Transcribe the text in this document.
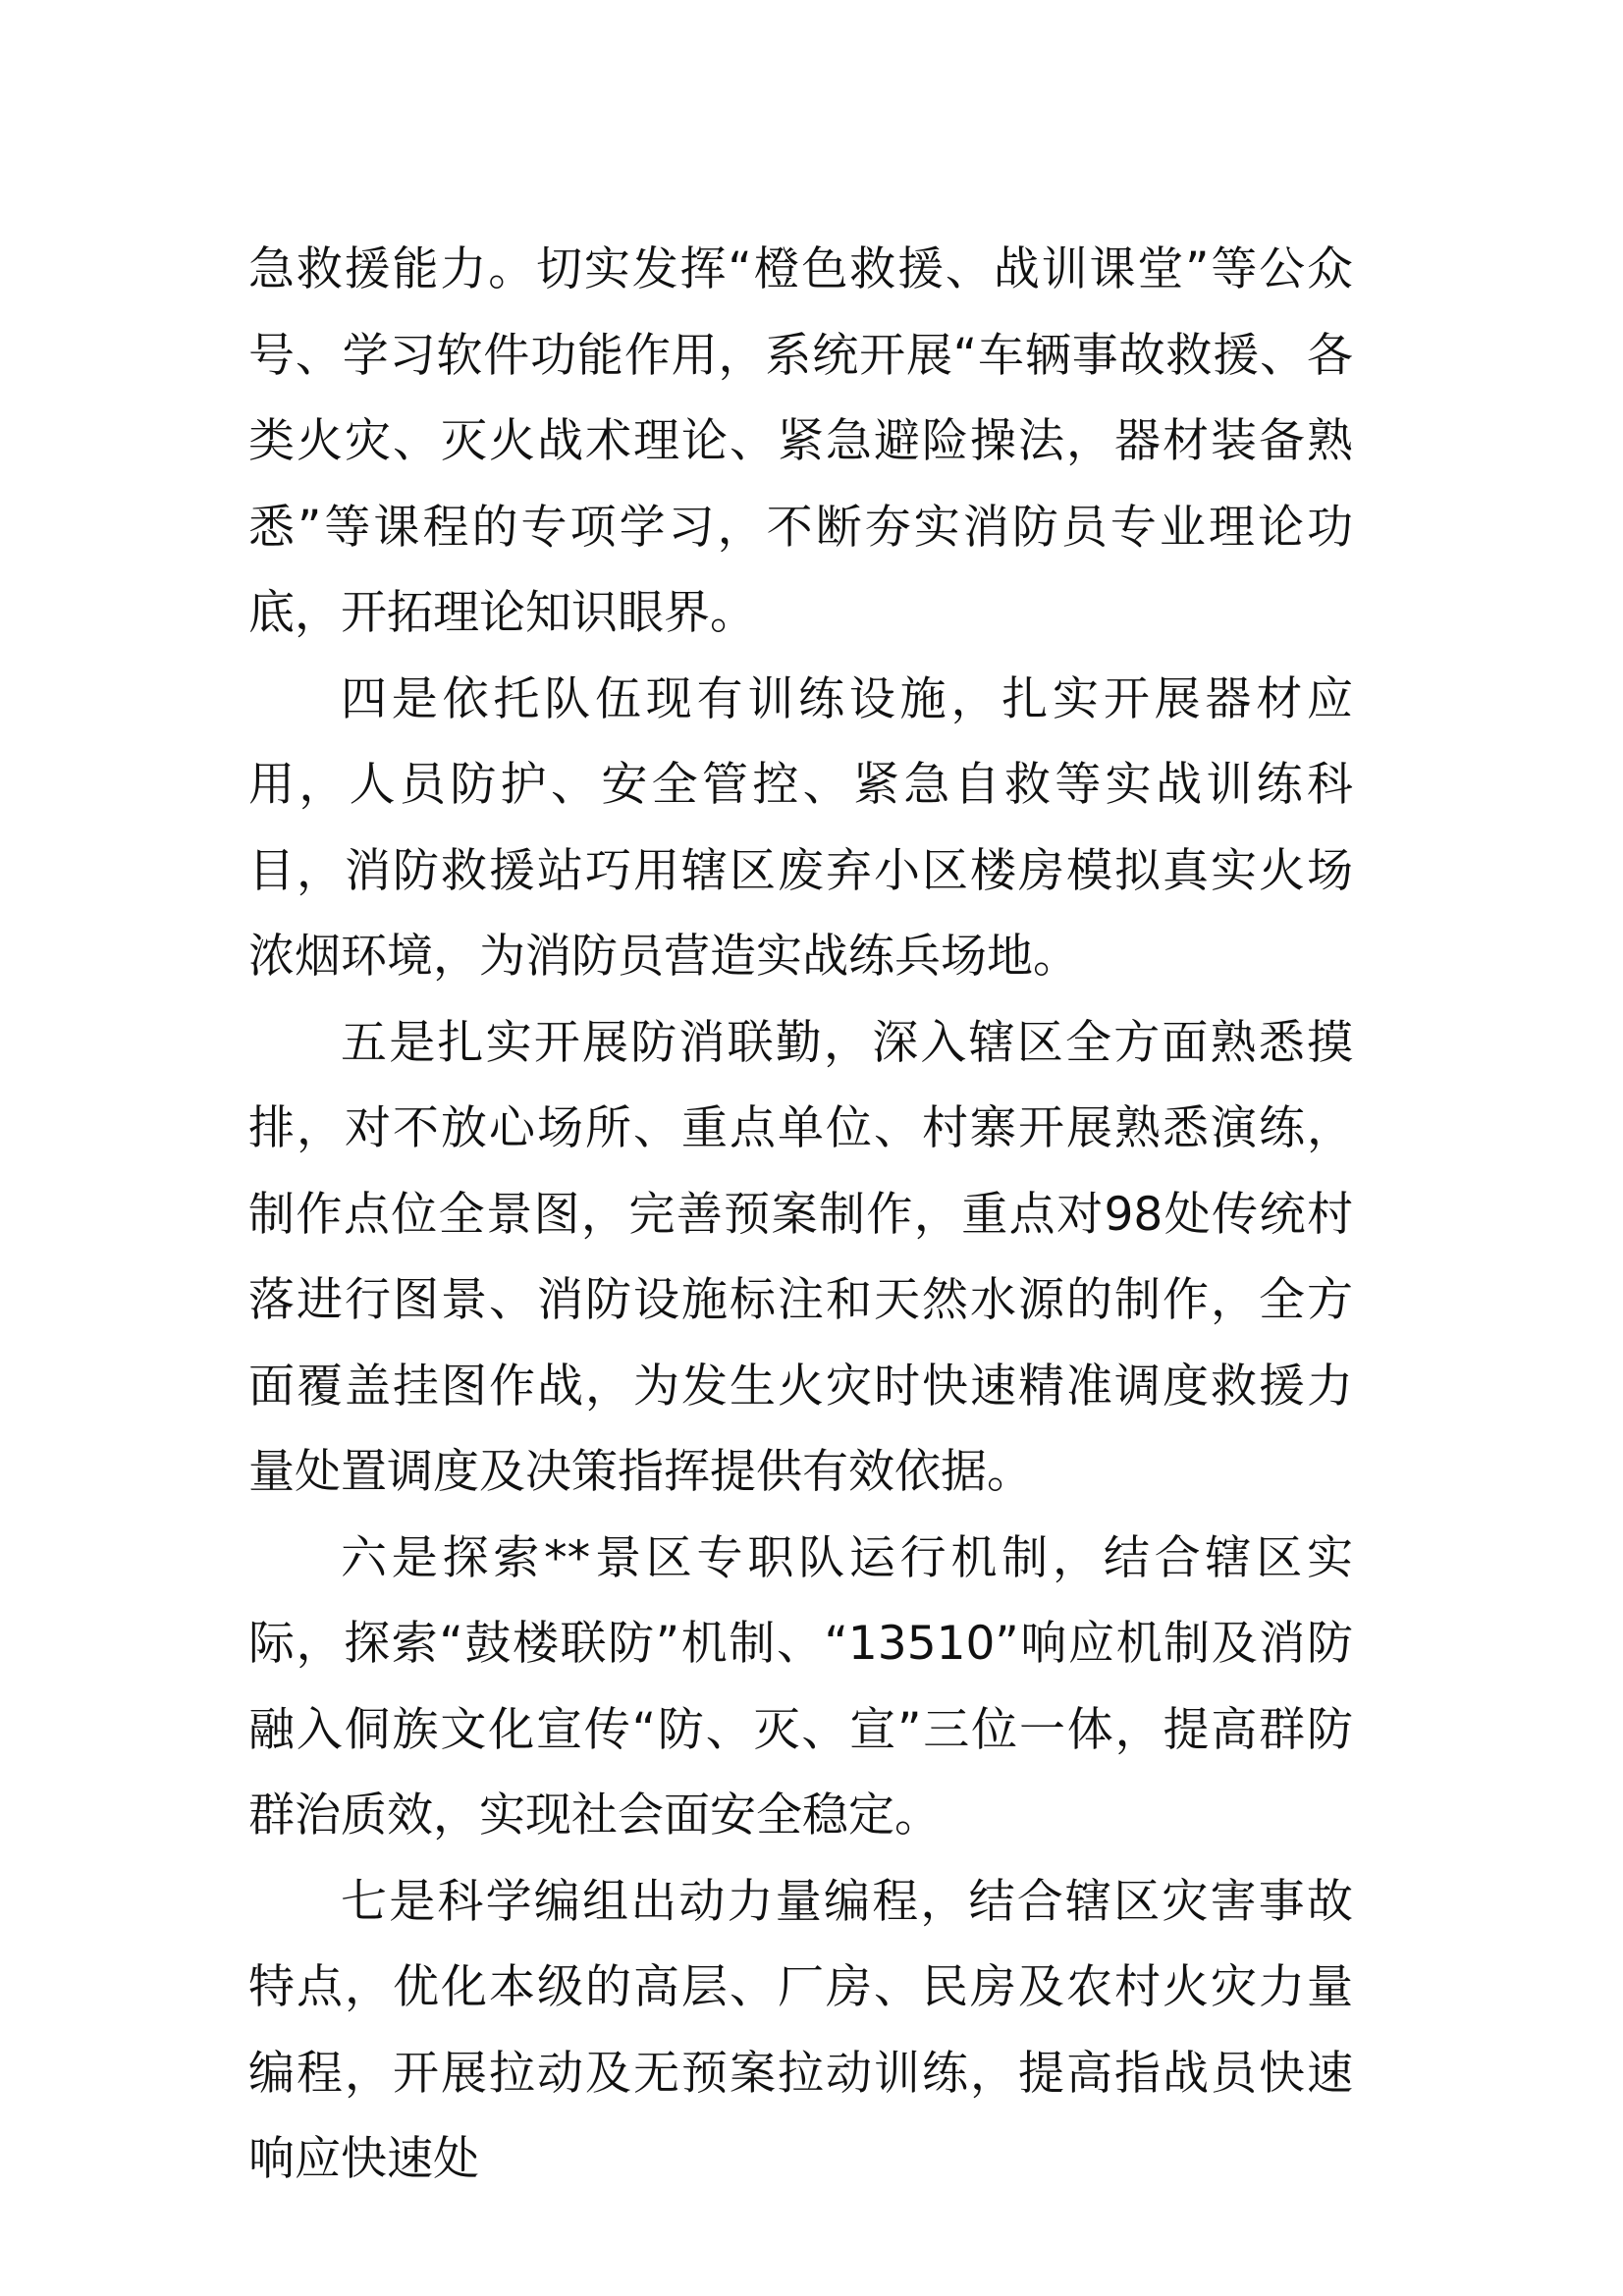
急救援能力。切实发挥“橙色救援、战训课堂”等公众号、学习软件功能作用，系统开展“车辆事故救援、各类火灾、灭火战术理论、紧急避险操法，器材装备熟悉”等课程的专项学习，不断夯实消防员专业理论功底，开拓理论知识眼界。

四是依托队伍现有训练设施，扎实开展器材应用，人员防护、安全管控、紧急自救等实战训练科目，消防救援站巧用辖区废弃小区楼房模拟真实火场浓烟环境，为消防员营造实战练兵场地。

五是扎实开展防消联勤，深入辖区全方面熟悉摸排，对不放心场所、重点单位、村寨开展熟悉演练，制作点位全景图，完善预案制作，重点对98处传统村落进行图景、消防设施标注和天然水源的制作，全方面覆盖挂图作战，为发生火灾时快速精准调度救援力量处置调度及决策指挥提供有效依据。

六是探索**景区专职队运行机制，结合辖区实际，探索“鼓楼联防”机制、“13510”响应机制及消防融入侗族文化宣传“防、灭、宣”三位一体，提高群防群治质效，实现社会面安全稳定。

七是科学编组出动力量编程，结合辖区灾害事故特点，优化本级的高层、厂房、民房及农村火灾力量编程，开展拉动及无预案拉动训练，提高指战员快速响应快速处
